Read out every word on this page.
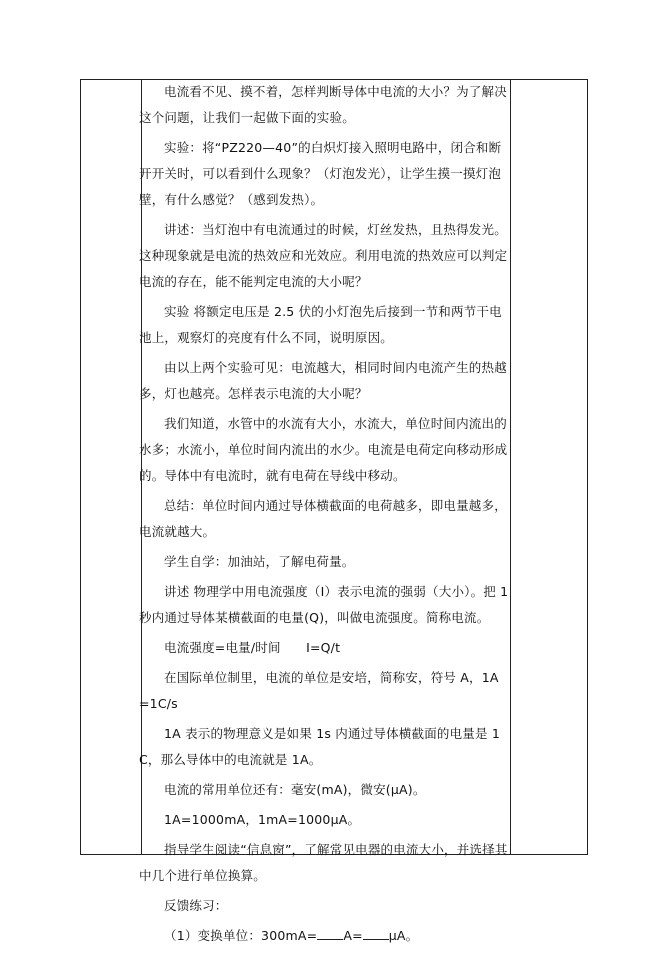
电流看不见、摸不着，怎样判断导体中电流的大小？为了解决这个问题，让我们一起做下面的实验。

实验：将“PZ220—40”的白炽灯接入照明电路中，闭合和断开开关时，可以看到什么现象？（灯泡发光），让学生摸一摸灯泡壁，有什么感觉？（感到发热）。

讲述：当灯泡中有电流通过的时候，灯丝发热，且热得发光。这种现象就是电流的热效应和光效应。利用电流的热效应可以判定电流的存在，能不能判定电流的大小呢？

实验 将额定电压是 2.5 伏的小灯泡先后接到一节和两节干电池上，观察灯的亮度有什么不同，说明原因。

由以上两个实验可见：电流越大，相同时间内电流产生的热越多，灯也越亮。怎样表示电流的大小呢？

我们知道，水管中的水流有大小，水流大，单位时间内流出的水多；水流小，单位时间内流出的水少。电流是电荷定向移动形成的。导体中有电流时，就有电荷在导线中移动。

总结：单位时间内通过导体横截面的电荷越多，即电量越多，电流就越大。

学生自学：加油站，了解电荷量。

讲述 物理学中用电流强度（I）表示电流的强弱（大小）。把 1 秒内通过导体某横截面的电量(Q)，叫做电流强度。简称电流。

电流强度=电量/时间　　I=Q/t

在国际单位制里，电流的单位是安培，简称安，符号 A，1A =1C/s

1A 表示的物理意义是如果 1s 内通过导体横截面的电量是 1C，那么导体中的电流就是 1A。

电流的常用单位还有：毫安(mA)，微安(μA)。

1A=1000mA，1mA=1000μA。

指导学生阅读“信息窗”，了解常见电器的电流大小，并选择其中几个进行单位换算。

反馈练习：

（1）变换单位：300mA= A= μA。
